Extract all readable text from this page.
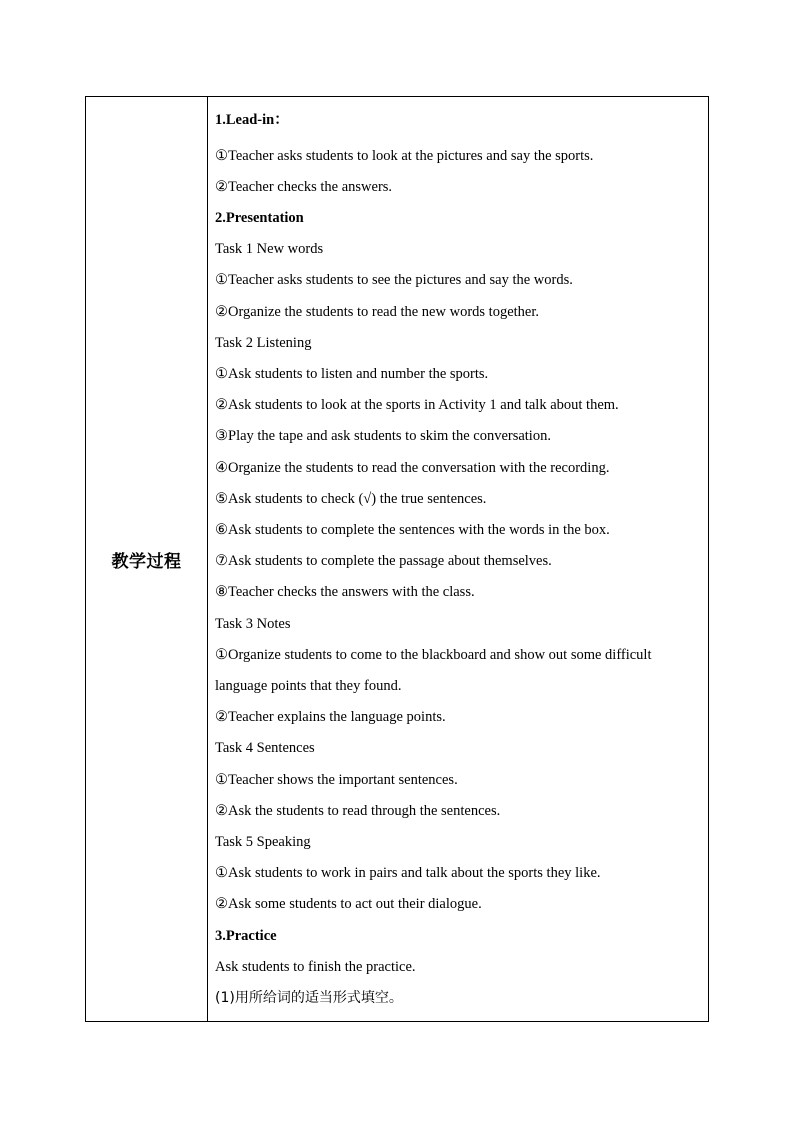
教学过程
1.Lead-in：
①Teacher asks students to look at the pictures and say the sports.
②Teacher checks the answers.
2.Presentation
Task 1 New words
①Teacher asks students to see the pictures and say the words.
②Organize the students to read the new words together.
Task 2 Listening
①Ask students to listen and number the sports.
②Ask students to look at the sports in Activity 1 and talk about them.
③Play the tape and ask students to skim the conversation.
④Organize the students to read the conversation with the recording.
⑤Ask students to check (√) the true sentences.
⑥Ask students to complete the sentences with the words in the box.
⑦Ask students to complete the passage about themselves.
⑧Teacher checks the answers with the class.
Task 3 Notes
①Organize students to come to the blackboard and show out some difficult
language points that they found.
②Teacher explains the language points.
Task 4 Sentences
①Teacher shows the important sentences.
②Ask the students to read through the sentences.
Task 5 Speaking
①Ask students to work in pairs and talk about the sports they like.
②Ask some students to act out their dialogue.
3.Practice
Ask students to finish the practice.
(1)用所给词的适当形式填空。
